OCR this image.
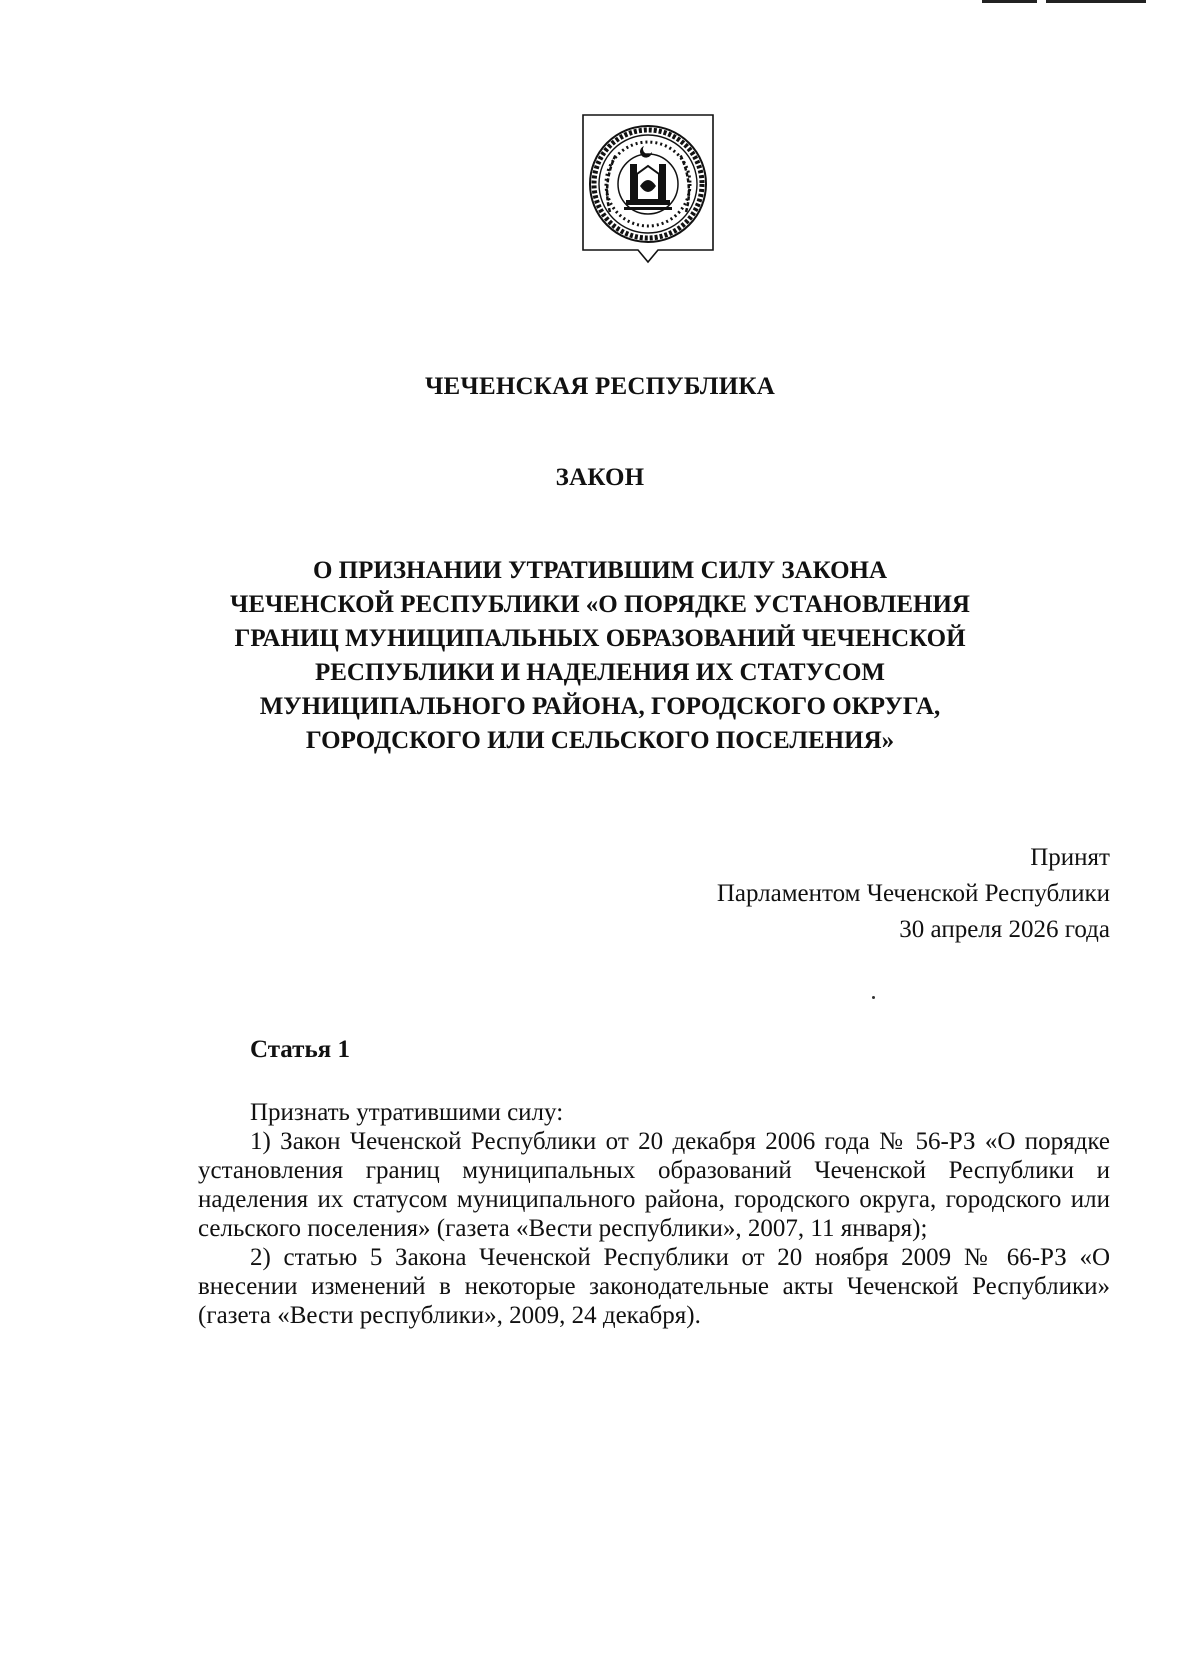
ЧЕЧЕНСКАЯ РЕСПУБЛИКА
ЗАКОН
О ПРИЗНАНИИ УТРАТИВШИМ СИЛУ ЗАКОНА
ЧЕЧЕНСКОЙ РЕСПУБЛИКИ «О ПОРЯДКЕ УСТАНОВЛЕНИЯ
ГРАНИЦ МУНИЦИПАЛЬНЫХ ОБРАЗОВАНИЙ ЧЕЧЕНСКОЙ
РЕСПУБЛИКИ И НАДЕЛЕНИЯ ИХ СТАТУСОМ
МУНИЦИПАЛЬНОГО РАЙОНА, ГОРОДСКОГО ОКРУГА,
ГОРОДСКОГО ИЛИ СЕЛЬСКОГО ПОСЕЛЕНИЯ»
Принят
Парламентом Чеченской Республики
30 апреля 2026 года
Статья 1

Признать утратившими силу:

1) Закон Чеченской Республики от 20 декабря 2006 года № 56-РЗ «О порядке установления границ муниципальных образований Чеченской Республики и наделения их статусом муниципального района, городского округа, городского или сельского поселения» (газета «Вести республики», 2007, 11 января);

2) статью 5 Закона Чеченской Республики от 20 ноября 2009 № 66-РЗ «О внесении изменений в некоторые законодательные акты Чеченской Республики» (газета «Вести республики», 2009, 24 декабря).
